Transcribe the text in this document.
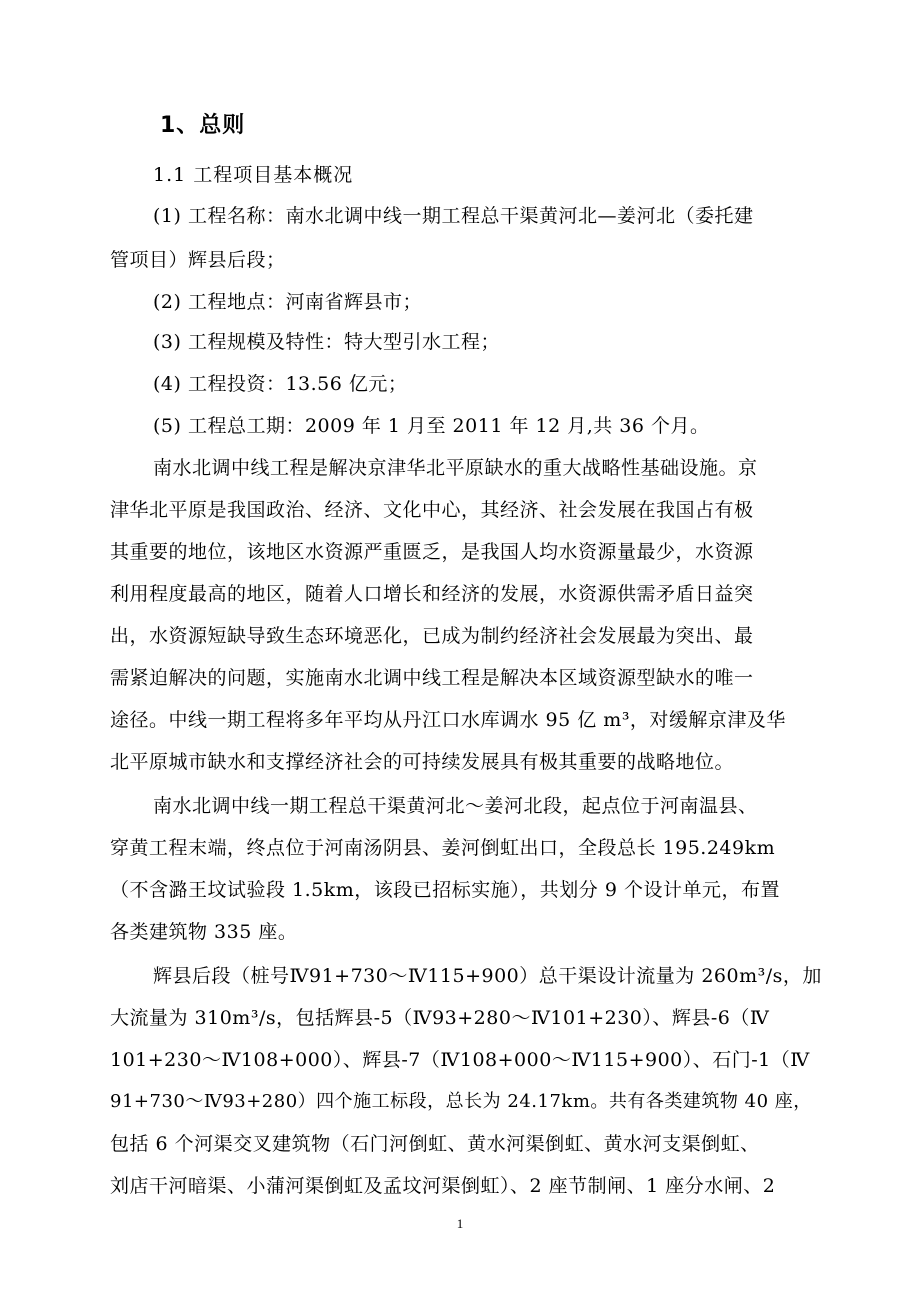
1、总则
1.1 工程项目基本概况
(1) 工程名称：南水北调中线一期工程总干渠黄河北—姜河北（委托建
管项目）辉县后段；
(2) 工程地点：河南省辉县市；
(3) 工程规模及特性：特大型引水工程；
(4) 工程投资：13.56 亿元；
(5) 工程总工期：2009 年 1 月至 2011 年 12 月,共 36 个月。
南水北调中线工程是解决京津华北平原缺水的重大战略性基础设施。京
津华北平原是我国政治、经济、文化中心，其经济、社会发展在我国占有极
其重要的地位，该地区水资源严重匮乏，是我国人均水资源量最少，水资源
利用程度最高的地区，随着人口增长和经济的发展，水资源供需矛盾日益突
出，水资源短缺导致生态环境恶化，已成为制约经济社会发展最为突出、最
需紧迫解决的问题，实施南水北调中线工程是解决本区域资源型缺水的唯一
途径。中线一期工程将多年平均从丹江口水库调水 95 亿 m³，对缓解京津及华
北平原城市缺水和支撑经济社会的可持续发展具有极其重要的战略地位。
南水北调中线一期工程总干渠黄河北～姜河北段，起点位于河南温县、
穿黄工程末端，终点位于河南汤阴县、姜河倒虹出口，全段总长 195.249km
（不含潞王坟试验段 1.5km，该段已招标实施），共划分 9 个设计单元，布置
各类建筑物 335 座。
辉县后段（桩号Ⅳ91+730～Ⅳ115+900）总干渠设计流量为 260m³/s，加
大流量为 310m³/s，包括辉县-5（Ⅳ93+280～Ⅳ101+230）、辉县-6（Ⅳ
101+230～Ⅳ108+000）、辉县-7（Ⅳ108+000～Ⅳ115+900）、石门-1（Ⅳ
91+730～Ⅳ93+280）四个施工标段，总长为 24.17km。共有各类建筑物 40 座，
包括 6 个河渠交叉建筑物（石门河倒虹、黄水河渠倒虹、黄水河支渠倒虹、
刘店干河暗渠、小蒲河渠倒虹及孟坟河渠倒虹）、2 座节制闸、1 座分水闸、2
1
